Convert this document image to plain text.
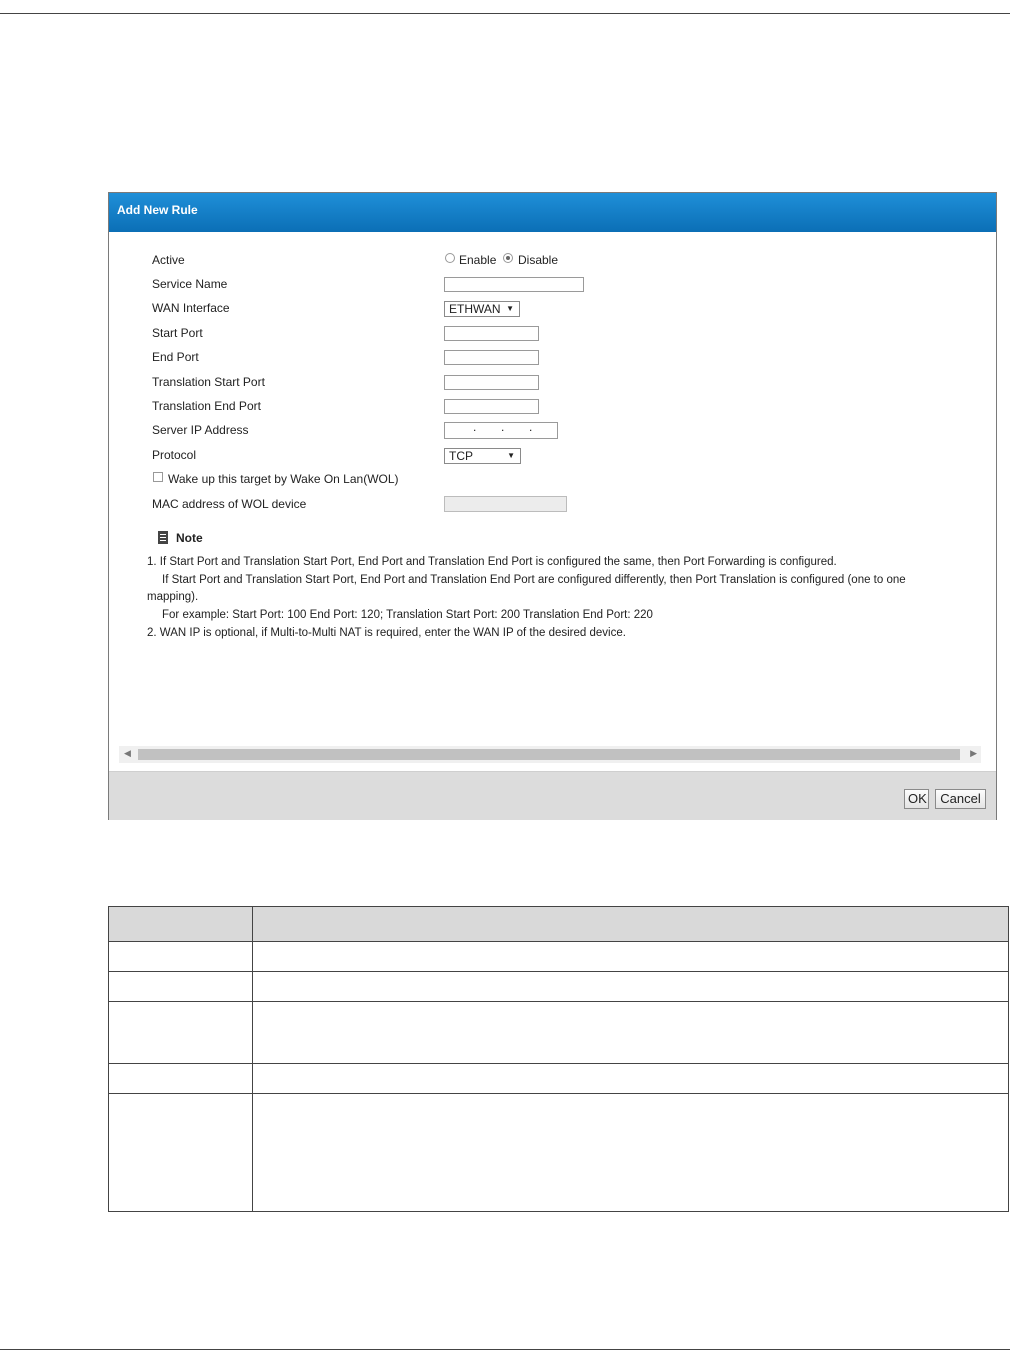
Add New Rule
Active	Enable Disable
Service Name
WAN Interface	ETHWAN ▼
Start Port
End Port
Translation Start Port
Translation End Port
Server IP Address	. . .
Protocol	TCP	▼
Wake up this target by Wake On Lan(WOL)
MAC address of WOL device
Note
1. If Start Port and Translation Start Port, End Port and Translation End Port is configured the same, then Port Forwarding is configured.
If Start Port and Translation Start Port, End Port and Translation End Port are configured differently, then Port Translation is configured (one to one
mapping).
For example: Start Port: 100 End Port: 120; Translation Start Port: 200 Translation End Port: 220
2. WAN IP is optional, if Multi-to-Multi NAT is required, enter the WAN IP of the desired device.
◀	▶
OK	Cancel
